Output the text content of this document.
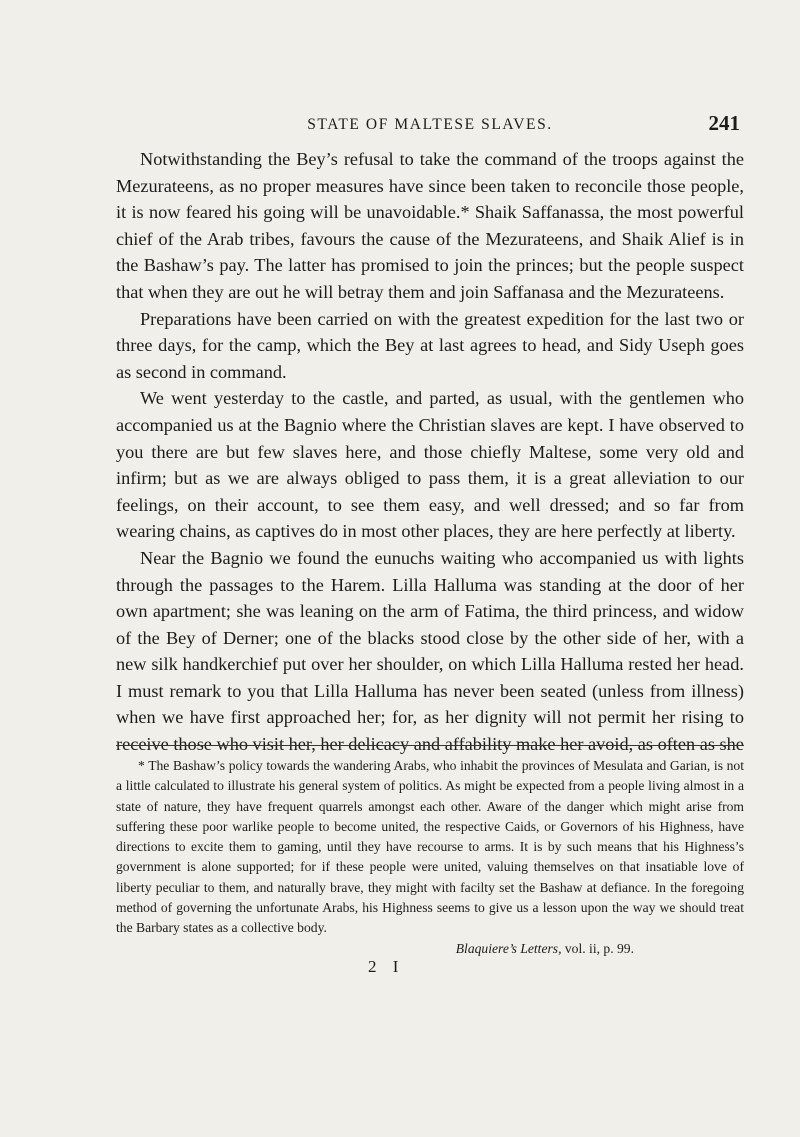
STATE OF MALTESE SLAVES.	241

Notwithstanding the Bey’s refusal to take the command of the troops against the Mezurateens, as no proper measures have since been taken to reconcile those people, it is now feared his going will be unavoidable.* Shaik Saffanassa, the most powerful chief of the Arab tribes, favours the cause of the Mezurateens, and Shaik Alief is in the Bashaw’s pay. The latter has promised to join the princes; but the people suspect that when they are out he will betray them and join Saffanasa and the Mezurateens.

Preparations have been carried on with the greatest expedition for the last two or three days, for the camp, which the Bey at last agrees to head, and Sidy Useph goes as second in command.

We went yesterday to the castle, and parted, as usual, with the gentlemen who accompanied us at the Bagnio where the Christian slaves are kept. I have observed to you there are but few slaves here, and those chiefly Maltese, some very old and infirm; but as we are always obliged to pass them, it is a great alleviation to our feelings, on their account, to see them easy, and well dressed; and so far from wearing chains, as captives do in most other places, they are here perfectly at liberty.

Near the Bagnio we found the eunuchs waiting who accompanied us with lights through the passages to the Harem. Lilla Halluma was standing at the door of her own apartment; she was leaning on the arm of Fatima, the third princess, and widow of the Bey of Derner; one of the blacks stood close by the other side of her, with a new silk handkerchief put over her shoulder, on which Lilla Halluma rested her head. I must remark to you that Lilla Halluma has never been seated (unless from illness) when we have first approached her; for, as her dignity will not permit her rising to receive those who visit her, her delicacy and affability make her avoid, as often as she

* The Bashaw’s policy towards the wandering Arabs, who inhabit the provinces of Mesulata and Garian, is not a little calculated to illustrate his general system of politics. As might be expected from a people living almost in a state of nature, they have frequent quarrels amongst each other. Aware of the danger which might arise from suffering these poor warlike people to become united, the respective Caids, or Governors of his Highness, have directions to excite them to gaming, until they have recourse to arms. It is by such means that his Highness’s government is alone supported; for if these people were united, valuing themselves on that insatiable love of liberty peculiar to them, and naturally brave, they might with facilty set the Bashaw at defiance. In the foregoing method of governing the unfortunate Arabs, his Highness seems to give us a lesson upon the way we should treat the Barbary states as a collective body.

Blaquiere’s Letters, vol. ii, p. 99.
2 I
